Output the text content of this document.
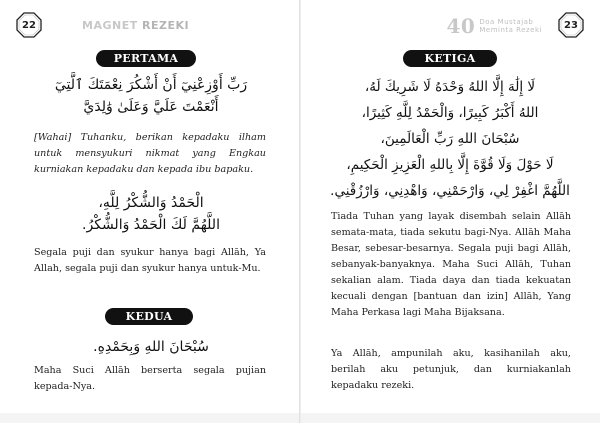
22	MAGNET REZEKI
PERTAMA
رَبِّ أَوْزِعْنِيٓ أَنْ أَشْكُرَ نِعْمَتَكَ ٱلَّتِيٓ
أَنْعَمْتَ عَلَيَّ وَعَلَىٰ وَٰلِدَيَّ

[Wahai] Tuhanku, berikan kepadaku ilham untuk mensyukuri nikmat yang Engkau kurniakan kepadaku dan kepada ibu bapaku.

الْحَمْدُ وَالشُّكْرُ لِلَّهِ،
اللَّهُمَّ لَكَ الْحَمْدُ وَالشُّكْرُ.

Segala puji dan syukur hanya bagi Allāh, Ya Allah, segala puji dan syukur hanya untuk-Mu.

KEDUA
سُبْحَانَ اللهِ وَبِحَمْدِهِ.

Maha Suci Allāh berserta segala pujian kepada-Nya.

40 Doa Mustajab
Meminta Rezeki 23
KETIGA
لَا إِلَٰهَ إِلَّا اللهُ وَحْدَهُ لَا شَرِيكَ لَهُ،
اللهُ أَكْبَرُ كَبِيرًا، وَالْحَمْدُ لِلَّهِ كَثِيرًا،
سُبْحَانَ اللهِ رَبِّ الْعَالَمِينَ،
لَا حَوْلَ وَلَا قُوَّةَ إِلَّا بِاللهِ الْعَزِيزِ الْحَكِيمِ،
اللَّهُمَّ اغْفِرْ لِي، وَارْحَمْنِي، وَاهْدِنِي، وَارْزُقْنِي.

Tiada Tuhan yang layak disembah selain Allāh semata-mata, tiada sekutu bagi-Nya. Allāh Maha Besar, sebesar-besarnya. Segala puji bagi Allāh, sebanyak-banyaknya. Maha Suci Allāh, Tuhan sekalian alam. Tiada daya dan tiada kekuatan kecuali dengan [bantuan dan izin] Allāh, Yang Maha Perkasa lagi Maha Bijaksana.

Ya Allāh, ampunilah aku, kasihanilah aku, berilah aku petunjuk, dan kurniakanlah kepadaku rezeki.
